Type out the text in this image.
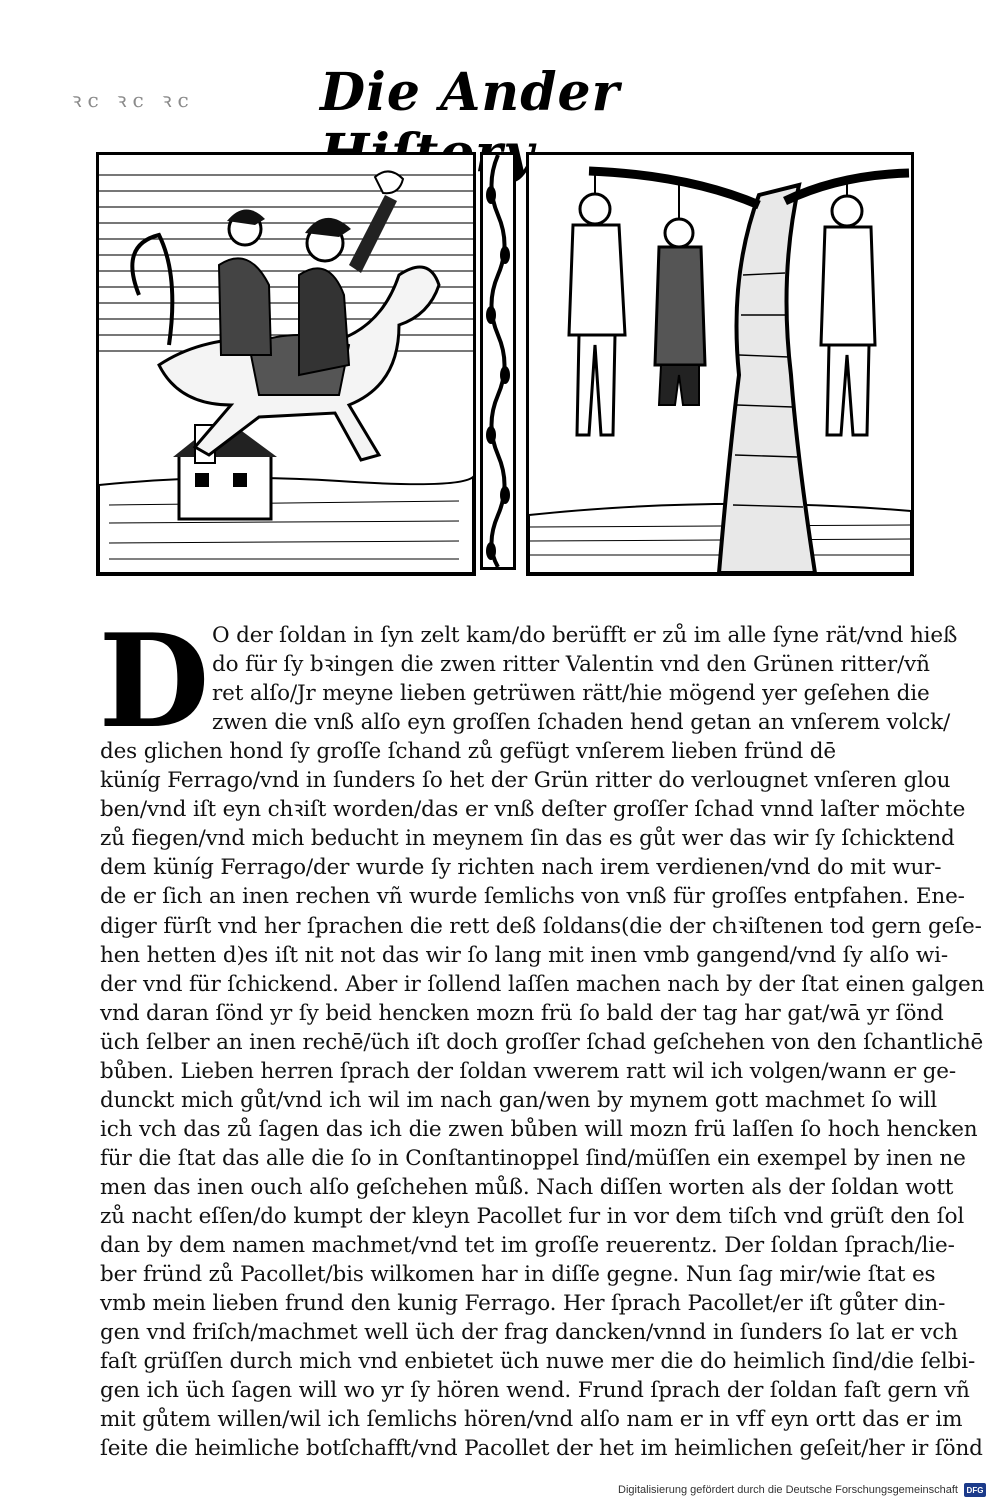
ꝛc ꝛc ꝛc Die Ander
D O der ſoldan in ſyn zelt kam/do berüfft er zů im alle ſyne rät/vnd hieß
do für ſy bꝛingen die zwen ritter Valentin vnd den Grünen ritter/vñ
ret alſo/Jr meyne lieben getrüwen rätt/hie mögend yer geſehen die
zwen die vnß alſo eyn groſſen ſchaden hend getan an vnſerem volck/
des glichen hond ſy groſſe ſchand zů gefügt vnſerem lieben fründ dē
küníg Ferrago/vnd in ſunders ſo het der Grün ritter do verlougnet vnſeren glou
ben/vnd iſt eyn chꝛiſt worden/das er vnß deſter groſſer ſchad vnnd laſter möchte
zů fiegen/vnd mich beducht in meynem ſin das es gůt wer das wir ſy ſchicktend
dem küníg Ferrago/der wurde ſy richten nach irem verdienen/vnd do mit wur-
de er ſich an inen rechen vñ wurde ſemlichs von vnß für groſſes entpfahen. Ene-
diger fürſt vnd her ſprachen die rett deß ſoldans(die der chꝛiſtenen tod gern geſe-
hen hetten d)es iſt nit not das wir ſo lang mit inen vmb gangend/vnd ſy alſo wi-
der vnd für ſchickend. Aber ir ſollend laſſen machen nach by der ſtat einen galgen
vnd daran ſönd yr ſy beid hencken mozn frü ſo bald der tag har gat/wā yr ſönd
üch ſelber an inen rechē/üch iſt doch groſſer ſchad geſchehen von den ſchantlichē
bůben. Lieben herren ſprach der ſoldan vwerem ratt wil ich volgen/wann er ge-
dunckt mich gůt/vnd ich wil im nach gan/wen by mynem gott machmet ſo will
ich vch das zů ſagen das ich die zwen bůben will mozn frü laſſen ſo hoch hencken
für die ſtat das alle die ſo in Conſtantinoppel ſind/müſſen ein exempel by inen ne
men das inen ouch alſo geſchehen můß. Nach diſſen worten als der ſoldan wott
zů nacht eſſen/do kumpt der kleyn Pacollet fur in vor dem tiſch vnd grüſt den ſol
dan by dem namen machmet/vnd tet im groſſe reuerentz. Der ſoldan ſprach/lie-
ber fründ zů Pacollet/bis wilkomen har in diſſe gegne. Nun ſag mir/wie ſtat es
vmb mein lieben frund den kunig Ferrago. Her ſprach Pacollet/er iſt gůter din-
gen vnd friſch/machmet well üch der frag dancken/vnnd in ſunders ſo lat er vch
faſt grüſſen durch mich vnd enbietet üch nuwe mer die do heimlich ſind/die ſelbi-
gen ich üch ſagen will wo yr ſy hören wend. Frund ſprach der ſoldan faſt gern vñ
mit gůtem willen/wil ich ſemlichs hören/vnd alſo nam er in vff eyn ortt das er im
ſeite die heimliche botſchafft/vnd Pacollet der het im heimlichen geſeit/her ir ſönd
Digitalisierung gefördert durch die Deutsche Forschungsgemeinschaft	DFG
